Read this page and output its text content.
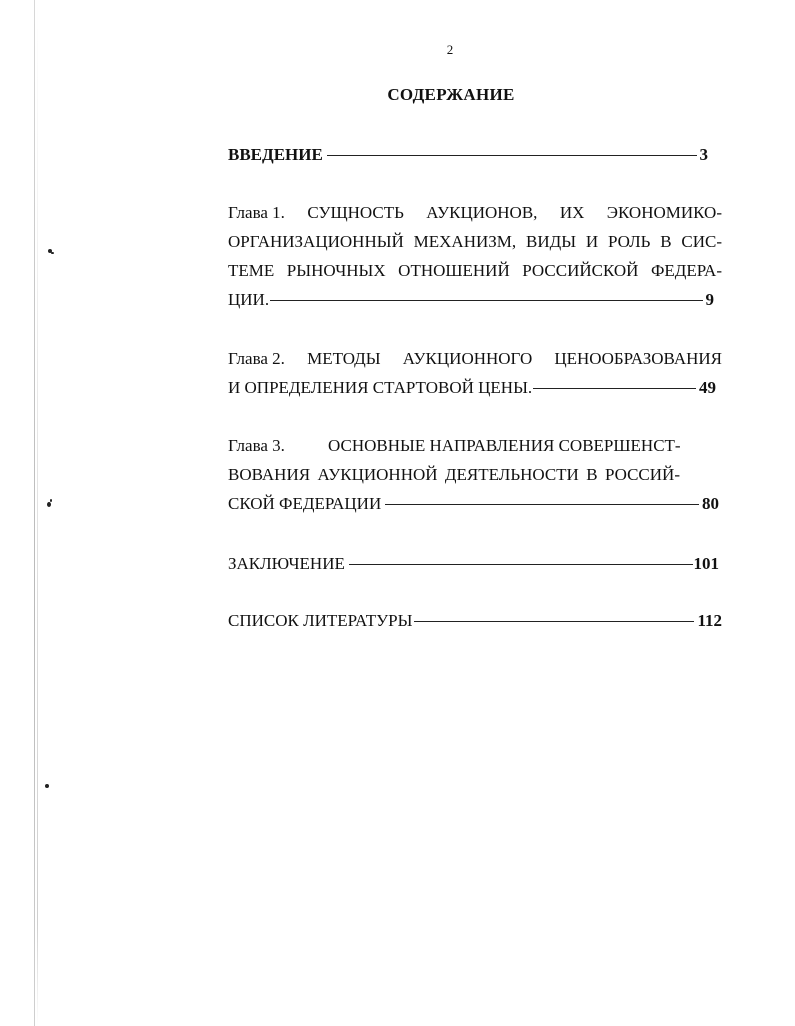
2
СОДЕРЖАНИЕ
ВВЕДЕНИЕ	3
Глава 1. СУЩНОСТЬ АУКЦИОНОВ, ИХ ЭКОНОМИКО-
ОРГАНИЗАЦИОННЫЙ МЕХАНИЗМ, ВИДЫ И РОЛЬ В СИС-
ТЕМЕ РЫНОЧНЫХ ОТНОШЕНИЙ РОССИЙСКОЙ ФЕДЕРА-
ЦИИ.	9
Глава 2. МЕТОДЫ АУКЦИОННОГО ЦЕНООБРАЗОВАНИЯ
И ОПРЕДЕЛЕНИЯ СТАРТОВОЙ ЦЕНЫ.	49
Глава 3.	ОСНОВНЫЕ НАПРАВЛЕНИЯ СОВЕРШЕНСТ-
ВОВАНИЯ АУКЦИОННОЙ ДЕЯТЕЛЬНОСТИ В РОССИЙ-
СКОЙ ФЕДЕРАЦИИ	80
ЗАКЛЮЧЕНИЕ	101
СПИСОК ЛИТЕРАТУРЫ	112
